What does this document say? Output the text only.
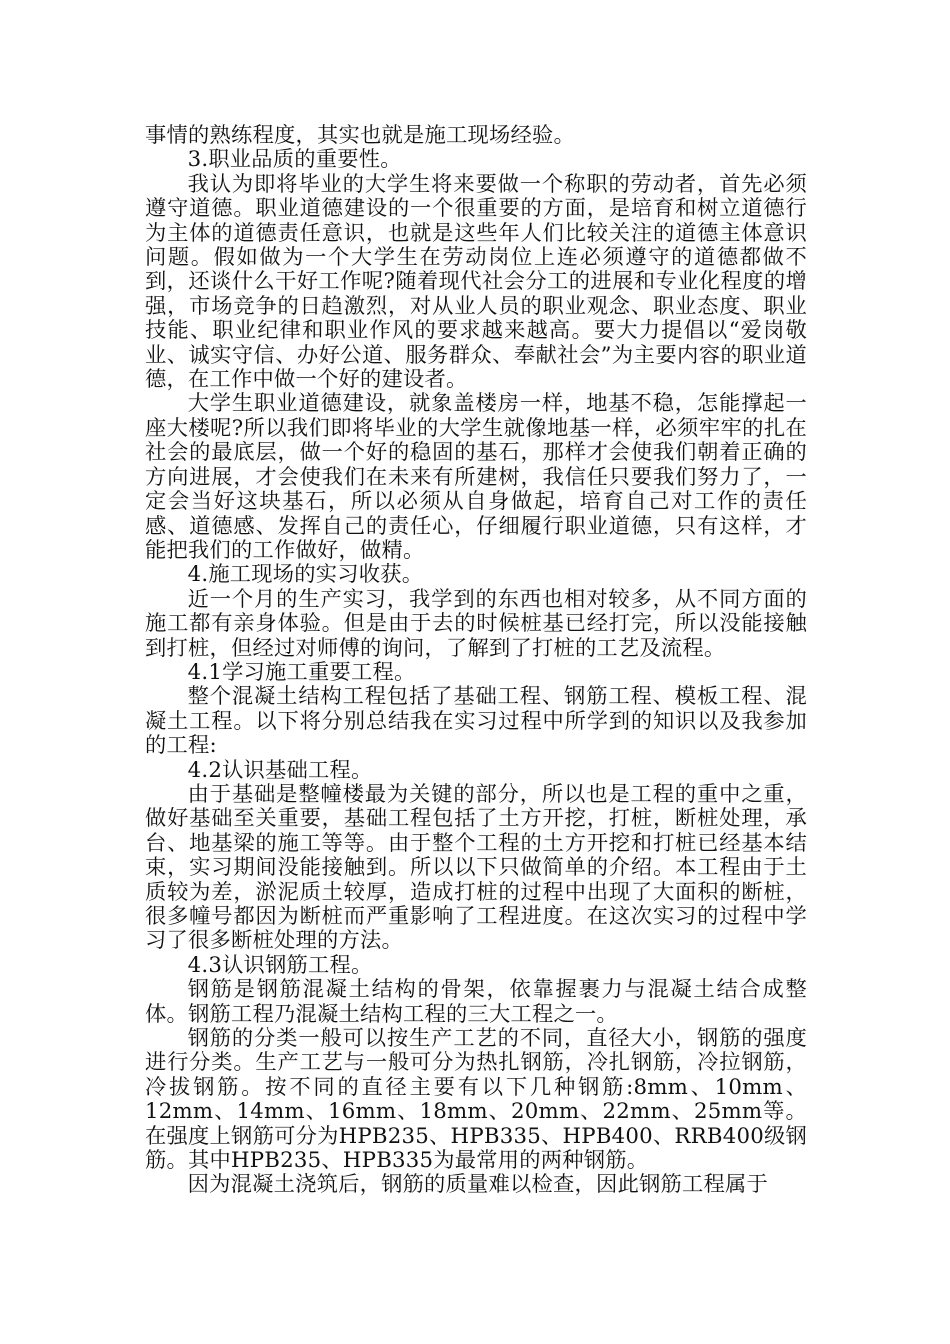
事情的熟练程度，其实也就是施工现场经验。

3.职业品质的重要性。

我认为即将毕业的大学生将来要做一个称职的劳动者，首先必须遵守道德。职业道德建设的一个很重要的方面，是培育和树立道德行为主体的道德责任意识，也就是这些年人们比较关注的道德主体意识问题。假如做为一个大学生在劳动岗位上连必须遵守的道德都做不到，还谈什么干好工作呢?随着现代社会分工的进展和专业化程度的增强，市场竞争的日趋激烈，对从业人员的职业观念、职业态度、职业技能、职业纪律和职业作风的要求越来越高。要大力提倡以“爱岗敬业、诚实守信、办好公道、服务群众、奉献社会”为主要内容的职业道德，在工作中做一个好的建设者。

大学生职业道德建设，就象盖楼房一样，地基不稳，怎能撑起一座大楼呢?所以我们即将毕业的大学生就像地基一样，必须牢牢的扎在社会的最底层，做一个好的稳固的基石，那样才会使我们朝着正确的方向进展，才会使我们在未来有所建树，我信任只要我们努力了，一定会当好这块基石，所以必须从自身做起，培育自己对工作的责任感、道德感、发挥自己的责任心，仔细履行职业道德，只有这样，才能把我们的工作做好，做精。

4.施工现场的实习收获。

近一个月的生产实习，我学到的东西也相对较多，从不同方面的施工都有亲身体验。但是由于去的时候桩基已经打完，所以没能接触到打桩，但经过对师傅的询问，了解到了打桩的工艺及流程。

4.1学习施工重要工程。

整个混凝土结构工程包括了基础工程、钢筋工程、模板工程、混凝土工程。以下将分别总结我在实习过程中所学到的知识以及我参加的工程:

4.2认识基础工程。

由于基础是整幢楼最为关键的部分，所以也是工程的重中之重，做好基础至关重要，基础工程包括了土方开挖，打桩，断桩处理，承台、地基梁的施工等等。由于整个工程的土方开挖和打桩已经基本结束，实习期间没能接触到。所以以下只做简单的介绍。本工程由于土质较为差，淤泥质土较厚，造成打桩的过程中出现了大面积的断桩，很多幢号都因为断桩而严重影响了工程进度。在这次实习的过程中学习了很多断桩处理的方法。

4.3认识钢筋工程。

钢筋是钢筋混凝土结构的骨架，依靠握裹力与混凝土结合成整体。钢筋工程乃混凝土结构工程的三大工程之一。

钢筋的分类一般可以按生产工艺的不同，直径大小，钢筋的强度进行分类。生产工艺与一般可分为热扎钢筋，冷扎钢筋，冷拉钢筋，冷拔钢筋。按不同的直径主要有以下几种钢筋:8mm、10mm、12mm、14mm、16mm、18mm、20mm、22mm、25mm等。在强度上钢筋可分为HPB235、HPB335、HPB400、RRB400级钢筋。其中HPB235、HPB335为最常用的两种钢筋。

因为混凝土浇筑后，钢筋的质量难以检查，因此钢筋工程属于
